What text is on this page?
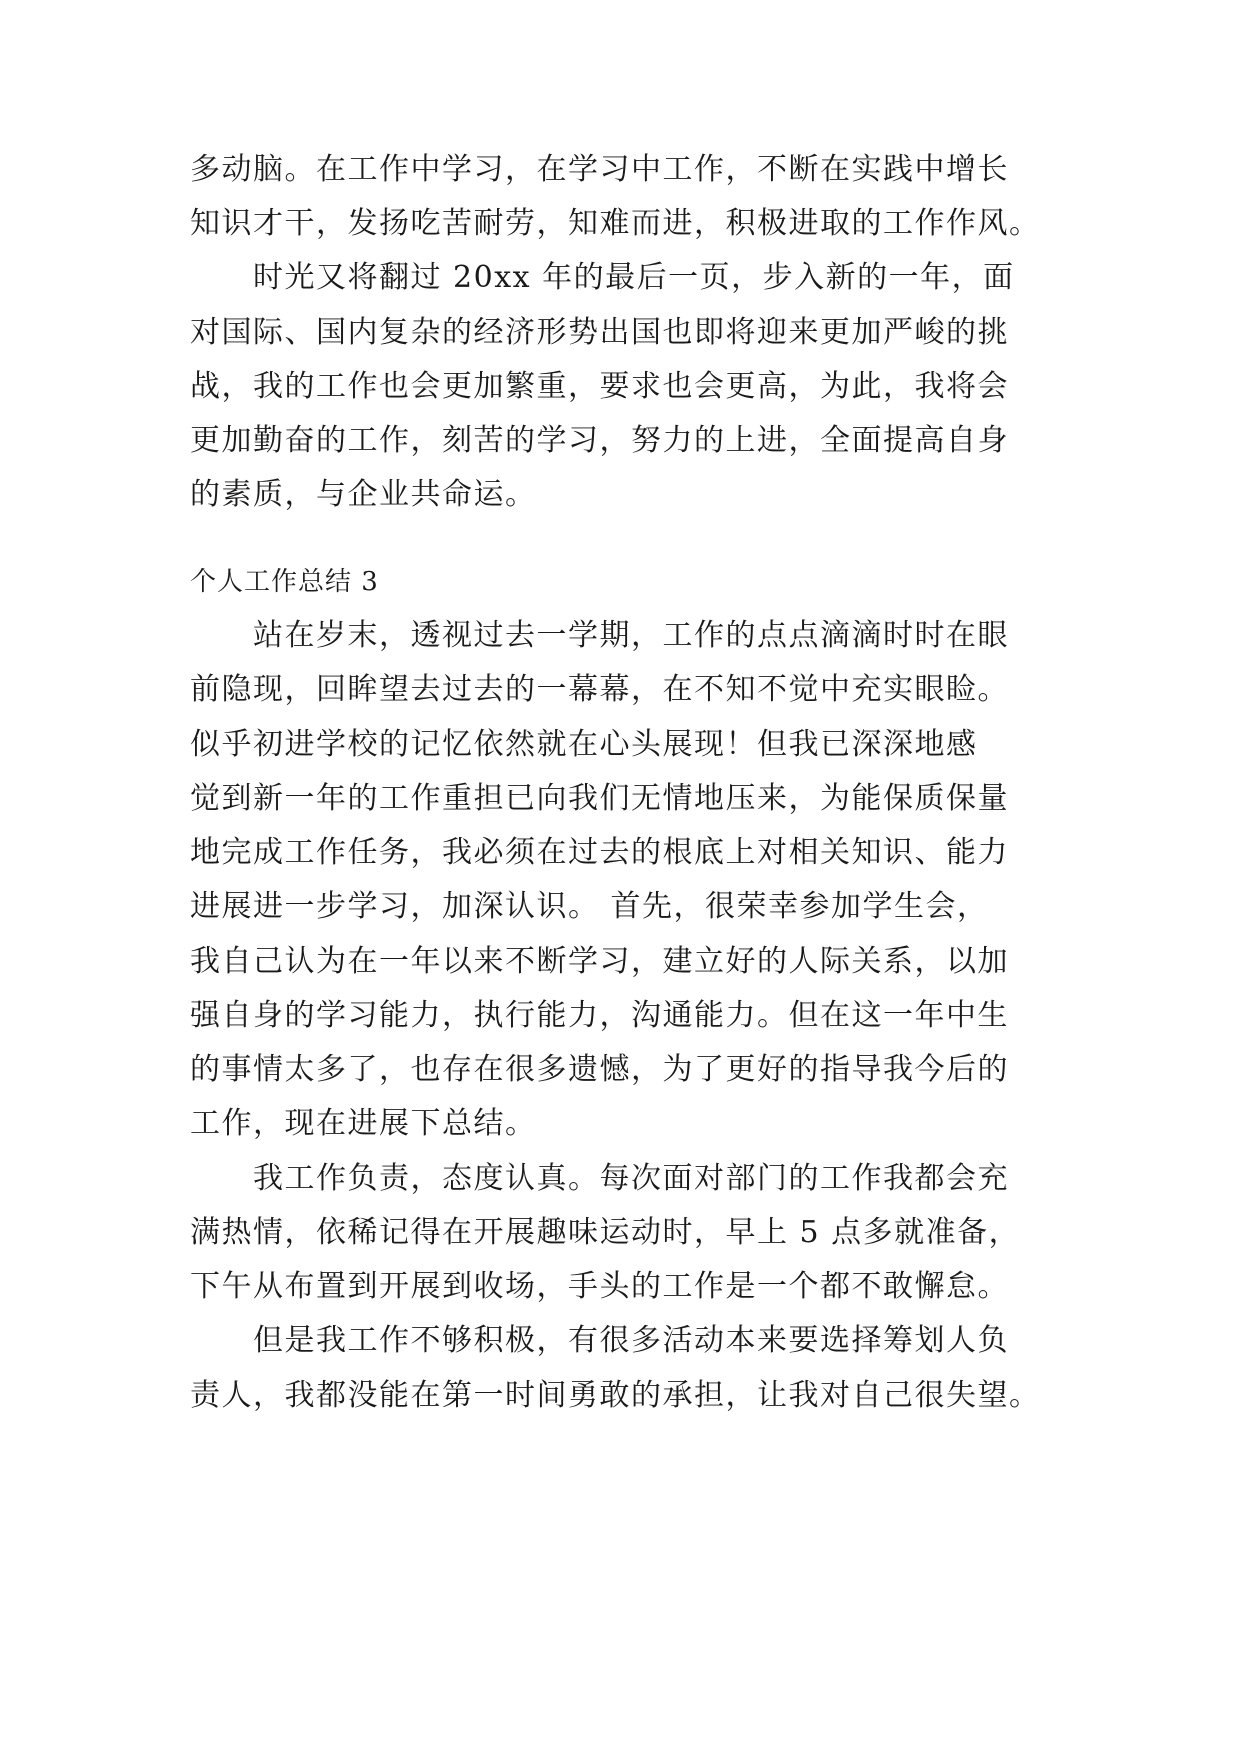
多动脑。在工作中学习，在学习中工作，不断在实践中增长
知识才干，发扬吃苦耐劳，知难而进，积极进取的工作作风。
　　时光又将翻过 20xx 年的最后一页，步入新的一年，面
对国际、国内复杂的经济形势出国也即将迎来更加严峻的挑
战，我的工作也会更加繁重，要求也会更高，为此，我将会
更加勤奋的工作，刻苦的学习，努力的上进，全面提高自身
的素质，与企业共命运。
个人工作总结 3
　　站在岁末，透视过去一学期，工作的点点滴滴时时在眼
前隐现，回眸望去过去的一幕幕，在不知不觉中充实眼睑。
似乎初进学校的记忆依然就在心头展现！但我已深深地感
觉到新一年的工作重担已向我们无情地压来，为能保质保量
地完成工作任务，我必须在过去的根底上对相关知识、能力
进展进一步学习，加深认识。 首先，很荣幸参加学生会，
我自己认为在一年以来不断学习，建立好的人际关系，以加
强自身的学习能力，执行能力，沟通能力。但在这一年中生
的事情太多了，也存在很多遗憾，为了更好的指导我今后的
工作，现在进展下总结。
　　我工作负责，态度认真。每次面对部门的工作我都会充
满热情，依稀记得在开展趣味运动时，早上 5 点多就准备，
下午从布置到开展到收场，手头的工作是一个都不敢懈怠。
　　但是我工作不够积极，有很多活动本来要选择筹划人负
责人，我都没能在第一时间勇敢的承担，让我对自己很失望。
